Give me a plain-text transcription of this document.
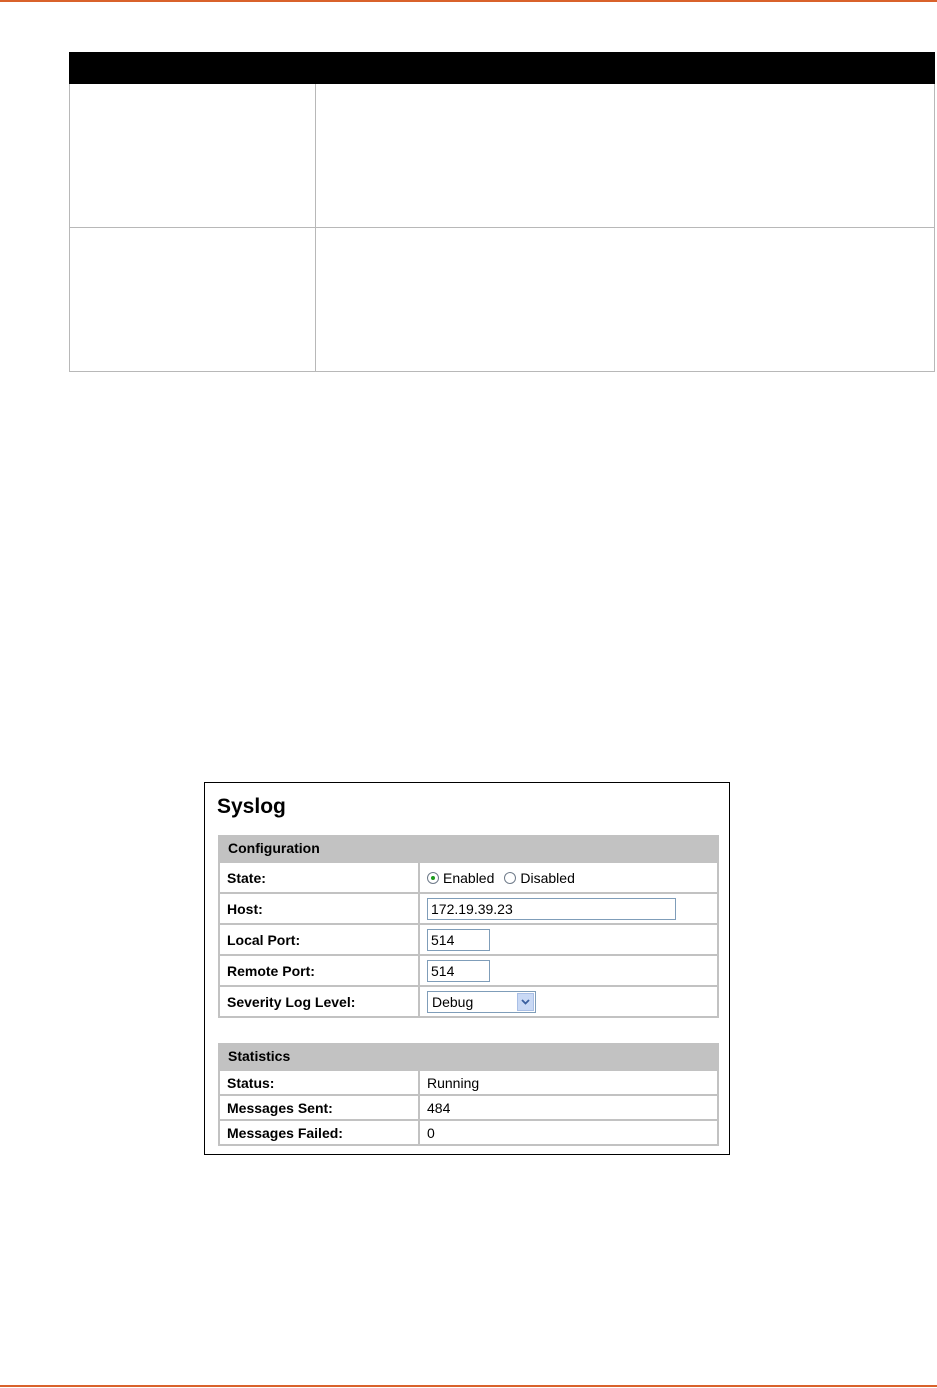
Syslog
Configuration
State:	Enabled Disabled
Host:
172.19.39.23
Local Port:
514
Remote Port:
514
Severity Log Level:	Debug
Statistics
Status:	Running
Messages Sent:	484
Messages Failed:	0
